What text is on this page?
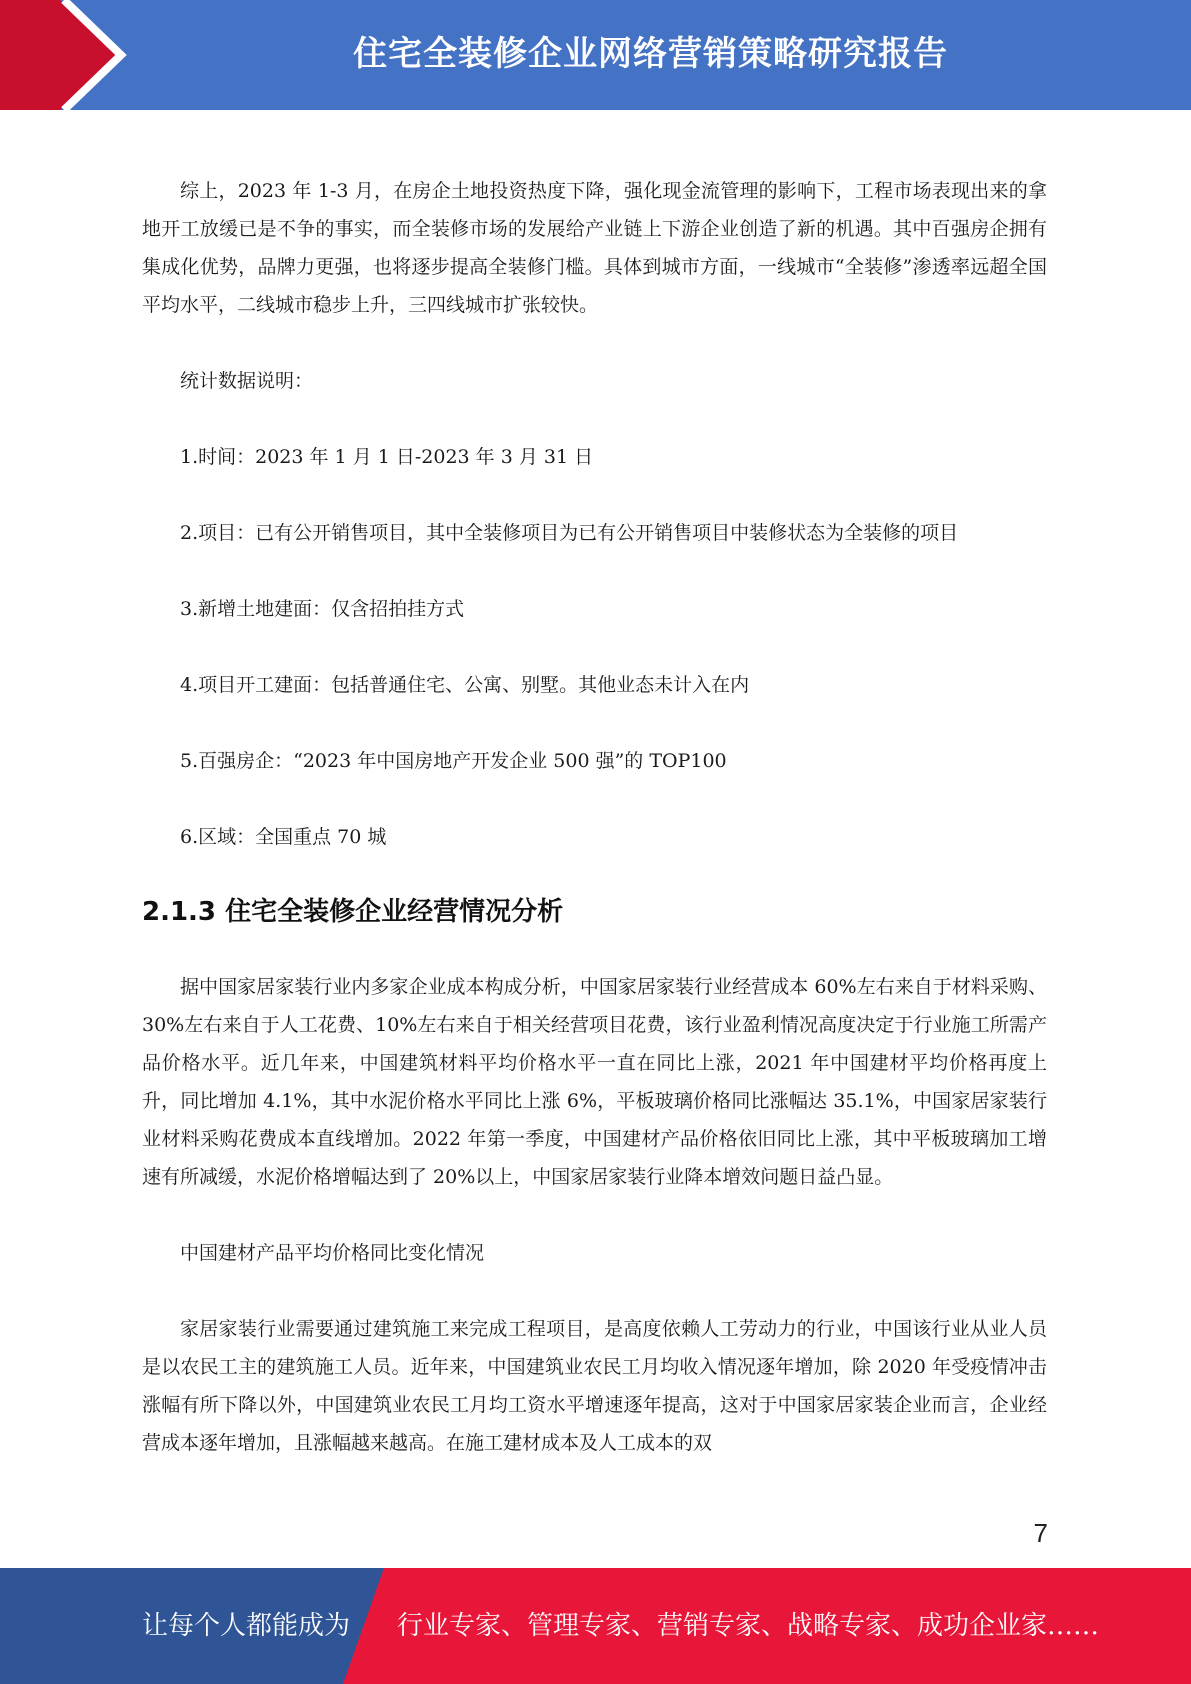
住宅全装修企业网络营销策略研究报告

综上，2023 年 1-3 月，在房企土地投资热度下降，强化现金流管理的影响下，工程市场表现出来的拿地开工放缓已是不争的事实，而全装修市场的发展给产业链上下游企业创造了新的机遇。其中百强房企拥有集成化优势，品牌力更强，也将逐步提高全装修门槛。具体到城市方面，一线城市“全装修”渗透率远超全国平均水平，二线城市稳步上升，三四线城市扩张较快。

统计数据说明：

1.时间：2023 年 1 月 1 日-2023 年 3 月 31 日

2.项目：已有公开销售项目，其中全装修项目为已有公开销售项目中装修状态为全装修的项目

3.新增土地建面：仅含招拍挂方式

4.项目开工建面：包括普通住宅、公寓、别墅。其他业态未计入在内

5.百强房企：“2023 年中国房地产开发企业 500 强”的 TOP100

6.区域：全国重点 70 城

2.1.3 住宅全装修企业经营情况分析

据中国家居家装行业内多家企业成本构成分析，中国家居家装行业经营成本 60%左右来自于材料采购、30%左右来自于人工花费、10%左右来自于相关经营项目花费，该行业盈利情况高度决定于行业施工所需产品价格水平。近几年来，中国建筑材料平均价格水平一直在同比上涨，2021 年中国建材平均价格再度上升，同比增加 4.1%，其中水泥价格水平同比上涨 6%，平板玻璃价格同比涨幅达 35.1%，中国家居家装行业材料采购花费成本直线增加。2022 年第一季度，中国建材产品价格依旧同比上涨，其中平板玻璃加工增速有所减缓，水泥价格增幅达到了 20%以上，中国家居家装行业降本增效问题日益凸显。

中国建材产品平均价格同比变化情况

家居家装行业需要通过建筑施工来完成工程项目，是高度依赖人工劳动力的行业，中国该行业从业人员是以农民工主的建筑施工人员。近年来，中国建筑业农民工月均收入情况逐年增加，除 2020 年受疫情冲击涨幅有所下降以外，中国建筑业农民工月均工资水平增速逐年提高，这对于中国家居家装企业而言，企业经营成本逐年增加，且涨幅越来越高。在施工建材成本及人工成本的双

7
让每个人都能成为 行业专家、管理专家、营销专家、战略专家、成功企业家……
